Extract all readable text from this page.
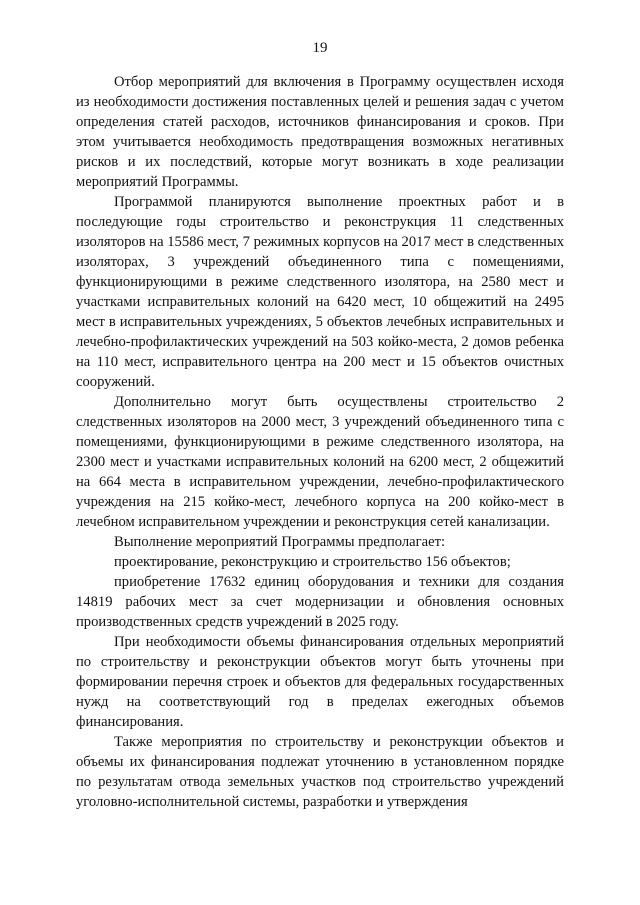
19

Отбор мероприятий для включения в Программу осуществлен исходя из необходимости достижения поставленных целей и решения задач с учетом определения статей расходов, источников финансирования и сроков. При этом учитывается необходимость предотвращения возможных негативных рисков и их последствий, которые могут возникать в ходе реализации мероприятий Программы.

Программой планируются выполнение проектных работ и в последующие годы строительство и реконструкция 11 следственных изоляторов на 15586 мест, 7 режимных корпусов на 2017 мест в следственных изоляторах, 3 учреждений объединенного типа с помещениями, функционирующими в режиме следственного изолятора, на 2580 мест и участками исправительных колоний на 6420 мест, 10 общежитий на 2495 мест в исправительных учреждениях, 5 объектов лечебных исправительных и лечебно-профилактических учреждений на 503 койко-места, 2 домов ребенка на 110 мест, исправительного центра на 200 мест и 15 объектов очистных сооружений.

Дополнительно могут быть осуществлены строительство 2 следственных изоляторов на 2000 мест, 3 учреждений объединенного типа с помещениями, функционирующими в режиме следственного изолятора, на 2300 мест и участками исправительных колоний на 6200 мест, 2 общежитий на 664 места в исправительном учреждении, лечебно-профилактического учреждения на 215 койко-мест, лечебного корпуса на 200 койко-мест в лечебном исправительном учреждении и реконструкция сетей канализации.

Выполнение мероприятий Программы предполагает:

проектирование, реконструкцию и строительство 156 объектов;

приобретение 17632 единиц оборудования и техники для создания 14819 рабочих мест за счет модернизации и обновления основных производственных средств учреждений в 2025 году.

При необходимости объемы финансирования отдельных мероприятий по строительству и реконструкции объектов могут быть уточнены при формировании перечня строек и объектов для федеральных государственных нужд на соответствующий год в пределах ежегодных объемов финансирования.

Также мероприятия по строительству и реконструкции объектов и объемы их финансирования подлежат уточнению в установленном порядке по результатам отвода земельных участков под строительство учреждений уголовно-исполнительной системы, разработки и утверждения
